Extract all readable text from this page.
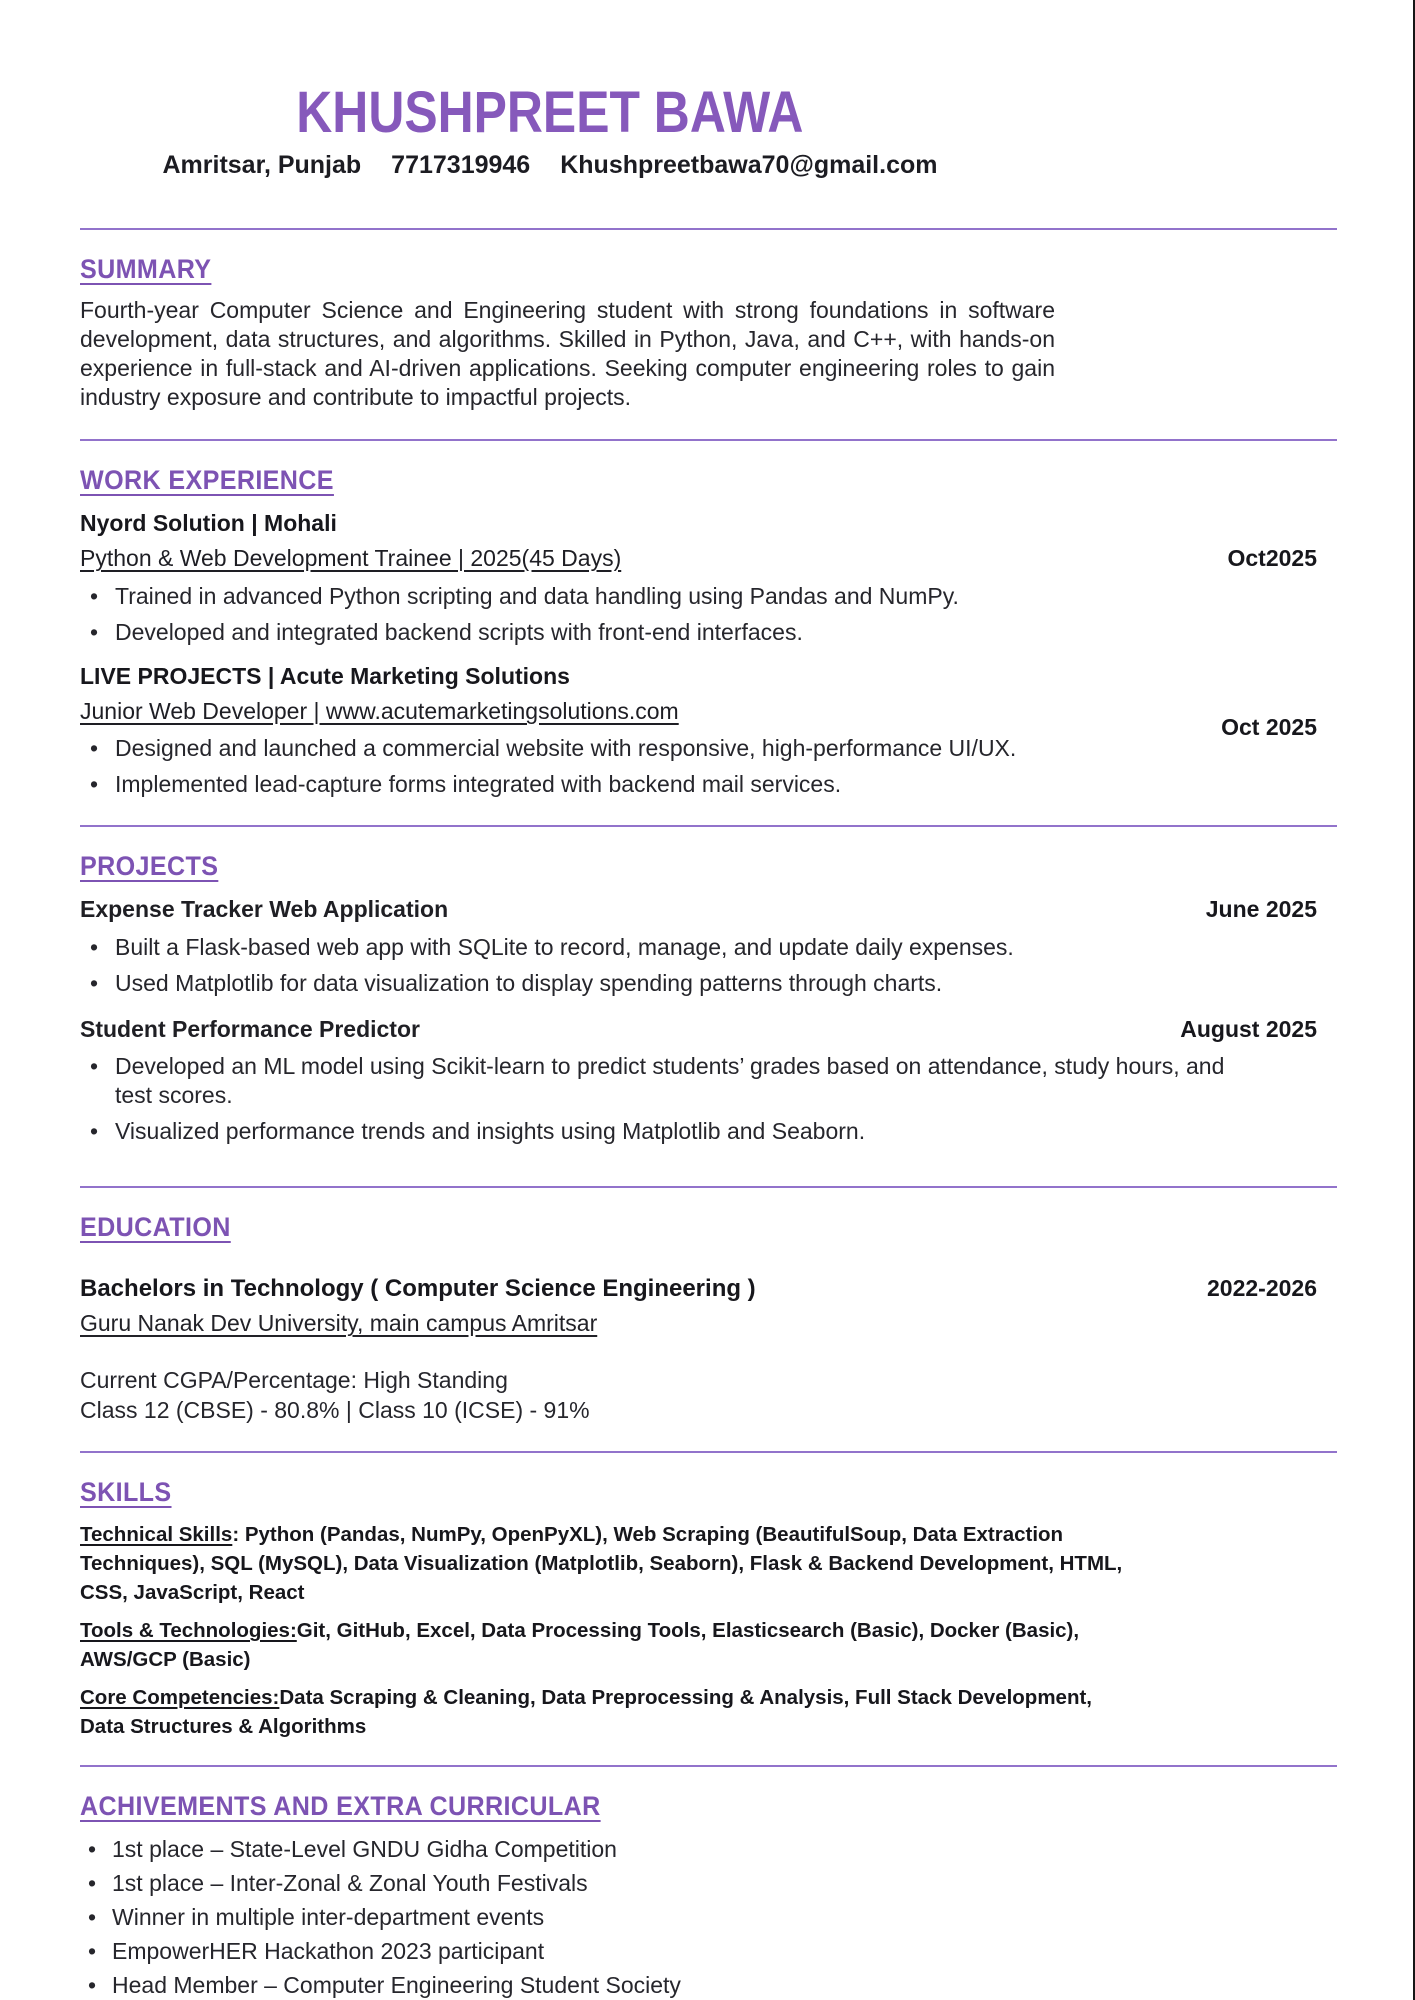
KHUSHPREET BAWA
Amritsar, Punjab 7717319946 Khushpreetbawa70@gmail.com
SUMMARY

Fourth-year Computer Science and Engineering student with strong foundations in software development, data structures, and algorithms. Skilled in Python, Java, and C++, with hands-on experience in full-stack and AI-driven applications. Seeking computer engineering roles to gain industry exposure and contribute to impactful projects.

WORK EXPERIENCE
Nyord Solution | Mohali
Python & Web Development Trainee | 2025(45 Days)	Oct2025
• Trained in advanced Python scripting and data handling using Pandas and NumPy.
• Developed and integrated backend scripts with front-end interfaces.
LIVE PROJECTS | Acute Marketing Solutions
Junior Web Developer | www.acutemarketingsolutions.com
Oct 2025
• Designed and launched a commercial website with responsive, high-performance UI/UX.
• Implemented lead-capture forms integrated with backend mail services.
PROJECTS
Expense Tracker Web Application	June 2025
• Built a Flask-based web app with SQLite to record, manage, and update daily expenses.
• Used Matplotlib for data visualization to display spending patterns through charts.
Student Performance Predictor	August 2025
• Developed an ML model using Scikit-learn to predict students’ grades based on attendance, study hours, and test scores.
• Visualized performance trends and insights using Matplotlib and Seaborn.
EDUCATION
Bachelors in Technology ( Computer Science Engineering )	2022-2026
Guru Nanak Dev University, main campus Amritsar
Current CGPA/Percentage: High Standing
Class 12 (CBSE) - 80.8% | Class 10 (ICSE) - 91%
SKILLS

Technical Skills: Python (Pandas, NumPy, OpenPyXL), Web Scraping (BeautifulSoup, Data Extraction Techniques), SQL (MySQL), Data Visualization (Matplotlib, Seaborn), Flask & Backend Development, HTML, CSS, JavaScript, React

Tools & Technologies:Git, GitHub, Excel, Data Processing Tools, Elasticsearch (Basic), Docker (Basic), AWS/GCP (Basic)

Core Competencies:Data Scraping & Cleaning, Data Preprocessing & Analysis, Full Stack Development, Data Structures & Algorithms

ACHIVEMENTS AND EXTRA CURRICULAR
• 1st place – State-Level GNDU Gidha Competition
• 1st place – Inter-Zonal & Zonal Youth Festivals
• Winner in multiple inter-department events
• EmpowerHER Hackathon 2023 participant
• Head Member – Computer Engineering Student Society
